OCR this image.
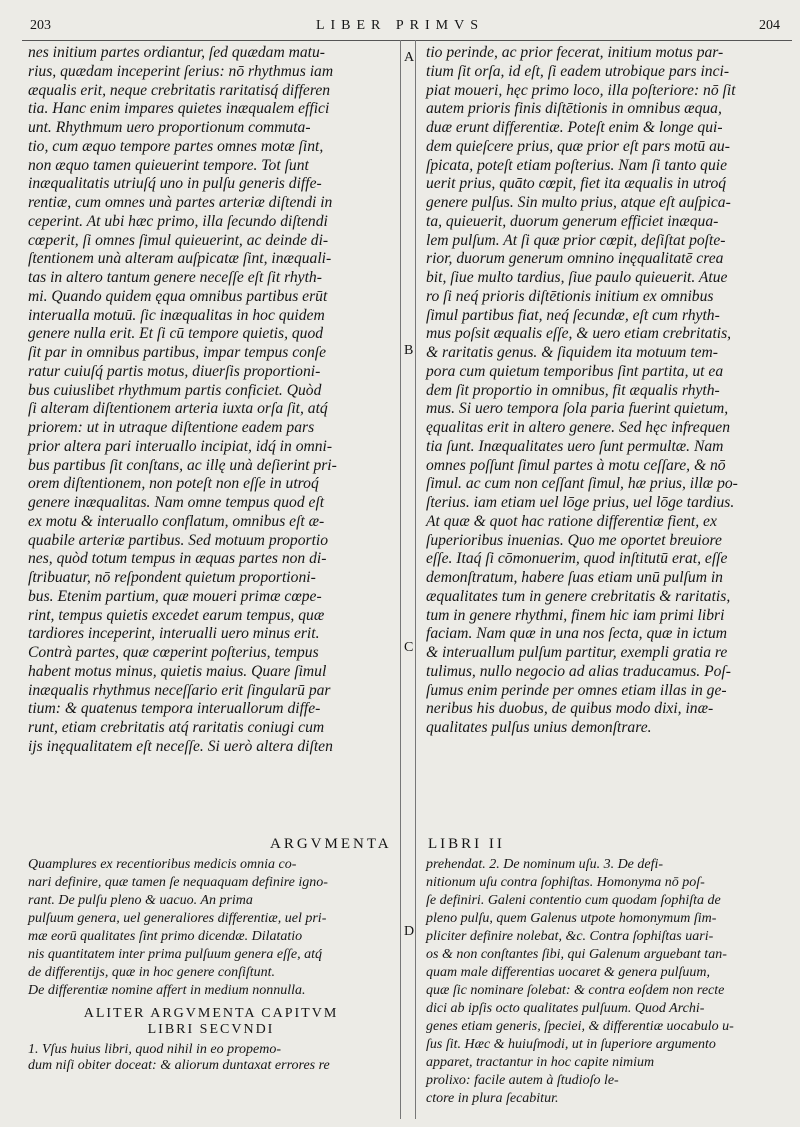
203	LIBER PRIMVS	204
A
B
C
D

nes initium partes ordiantur, ſed quædam matu-

rius, quædam inceperint ſerius: nō rhythmus iam

æqualis erit, neque crebritatis raritatisq́ differen

tia. Hanc enim impares quietes inæqualem effici

unt. Rhythmum uero proportionum commuta-

tio, cum æquo tempore partes omnes motæ ſint,

non æquo tamen quieuerint tempore. Tot ſunt

inæqualitatis utriuſq́ uno in pulſu generis diffe-

rentiæ, cum omnes unà partes arteriæ diſtendi in

ceperint. At ubi hæc primo, illa ſecundo diſtendi

cœperit, ſi omnes ſimul quieuerint, ac deinde di-

ſtentionem unà alteram auſpicatæ ſint, inæquali-

tas in altero tantum genere neceſſe eſt ſit rhyth-

mi. Quando quidem ęqua omnibus partibus erūt

interualla motuū. ſic inæqualitas in hoc quidem

genere nulla erit. Et ſi cū tempore quietis, quod

ſit par in omnibus partibus, impar tempus conſe

ratur cuiuſq́ partis motus, diuerſis proportioni-

bus cuiuslibet rhythmum partis conficiet. Quòd

ſi alteram diſtentionem arteria iuxta orſa ſit, atq́

priorem: ut in utraque diſtentione eadem pars

prior altera pari interuallo incipiat, idq́ in omni-

bus partibus ſit conſtans, ac illę unà deſierint pri-

orem diſtentionem, non poteſt non eſſe in utroq́

genere inæqualitas. Nam omne tempus quod eſt

ex motu & interuallo conflatum, omnibus eſt æ-

quabile arteriæ partibus. Sed motuum proportio

nes, quòd totum tempus in æquas partes non di-

ſtribuatur, nō reſpondent quietum proportioni-

bus. Etenim partium, quæ moueri primæ cœpe-

rint, tempus quietis excedet earum tempus, quæ

tardiores inceperint, interualli uero minus erit.

Contrà partes, quæ cœperint poſterius, tempus

habent motus minus, quietis maius. Quare ſimul

inæqualis rhythmus neceſſario erit ſingularū par

tium: & quatenus tempora interuallorum diffe-

runt, etiam crebritatis atq́ raritatis coniugi cum

ijs inęqualitatem eſt neceſſe. Si uerò altera diſten

tio perinde, ac prior fecerat, initium motus par-

tium ſit orſa, id eſt, ſi eadem utrobique pars inci-

piat moueri, hęc primo loco, illa poſteriore: nō ſit

autem prioris finis diſtētionis in omnibus æqua,

duæ erunt differentiæ. Poteſt enim & longe qui-

dem quieſcere prius, quæ prior eſt pars motū au-

ſpicata, poteſt etiam poſterius. Nam ſi tanto quie

uerit prius, quāto cœpit, fiet ita æqualis in utroq́

genere pulſus. Sin multo prius, atque eſt auſpica-

ta, quieuerit, duorum generum efficiet inæqua-

lem pulſum. At ſi quæ prior cœpit, deſiſtat poſte-

rior, duorum generum omnino inęqualitatē crea

bit, ſiue multo tardius, ſiue paulo quieuerit. Atue

ro ſi neq́ prioris diſtētionis initium ex omnibus

ſimul partibus fiat, neq́ ſecundæ, eſt cum rhyth-

mus poſsit æqualis eſſe, & uero etiam crebritatis,

& raritatis genus. & ſiquidem ita motuum tem-

pora cum quietum temporibus ſint partita, ut ea

dem ſit proportio in omnibus, fit æqualis rhyth-

mus. Si uero tempora ſola paria fuerint quietum,

ęqualitas erit in altero genere. Sed hęc infrequen

tia ſunt. Inæqualitates uero ſunt permultæ. Nam

omnes poſſunt ſimul partes à motu ceſſare, & nō

ſimul. ac cum non ceſſant ſimul, hæ prius, illæ po-

ſterius. iam etiam uel lōge prius, uel lōge tardius.

At quæ & quot hac ratione differentiæ fient, ex

ſuperioribus inuenias. Quo me oportet breuiore

eſſe. Itaq́ ſi cōmonuerim, quod inſtitutū erat, eſſe

demonſtratum, habere ſuas etiam unū pulſum in

æqualitates tum in genere crebritatis & raritatis,

tum in genere rhythmi, finem hic iam primi libri

faciam. Nam quæ in una nos ſecta, quæ in ictum

& interuallum pulſum partitur, exempli gratia re

tulimus, nullo negocio ad alias traducamus. Poſ-

ſumus enim perinde per omnes etiam illas in ge-

neribus his duobus, de quibus modo dixi, inæ-

qualitates pulſus unius demonſtrare.

ARGVMENTA LIBRI II

Quamplures ex recentioribus medicis omnia co-

nari definire, quæ tamen ſe nequaquam definire igno-

rant. De pulſu pleno & uacuo. An prima

pulſuum genera, uel generaliores differentiæ, uel pri-

mæ eorū qualitates ſint primo dicendæ. Dilatatio

nis quantitatem inter prima pulſuum genera eſſe, atq́

de differentijs, quæ in hoc genere conſiſtunt.

De differentiæ nomine affert in medium nonnulla.

prehendat. 2. De nominum uſu. 3. De defi-

nitionum uſu contra ſophiſtas. Homonyma nō poſ-

ſe definiri. Galeni contentio cum quodam ſophiſta de

pleno pulſu, quem Galenus utpote homonymum ſim-

pliciter definire nolebat, &c. Contra ſophiſtas uari-

os & non conſtantes ſibi, qui Galenum arguebant tan-

quam male differentias uocaret & genera pulſuum,

quæ ſic nominare ſolebat: & contra eoſdem non recte

dici ab ipſis octo qualitates pulſuum. Quod Archi-

genes etiam generis, ſpeciei, & differentiæ uocabulo u-

ſus ſit. Hæc & huiuſmodi, ut in ſuperiore argumento

apparet, tractantur in hoc capite nimium

prolixo: facile autem à ſtudioſo le-

ctore in plura ſecabitur.

ALITER ARGVMENTA CAPITVM

LIBRI SECVNDI

1. Vſus huius libri, quod nihil in eo propemo-

dum niſi obiter doceat: & aliorum duntaxat errores re
